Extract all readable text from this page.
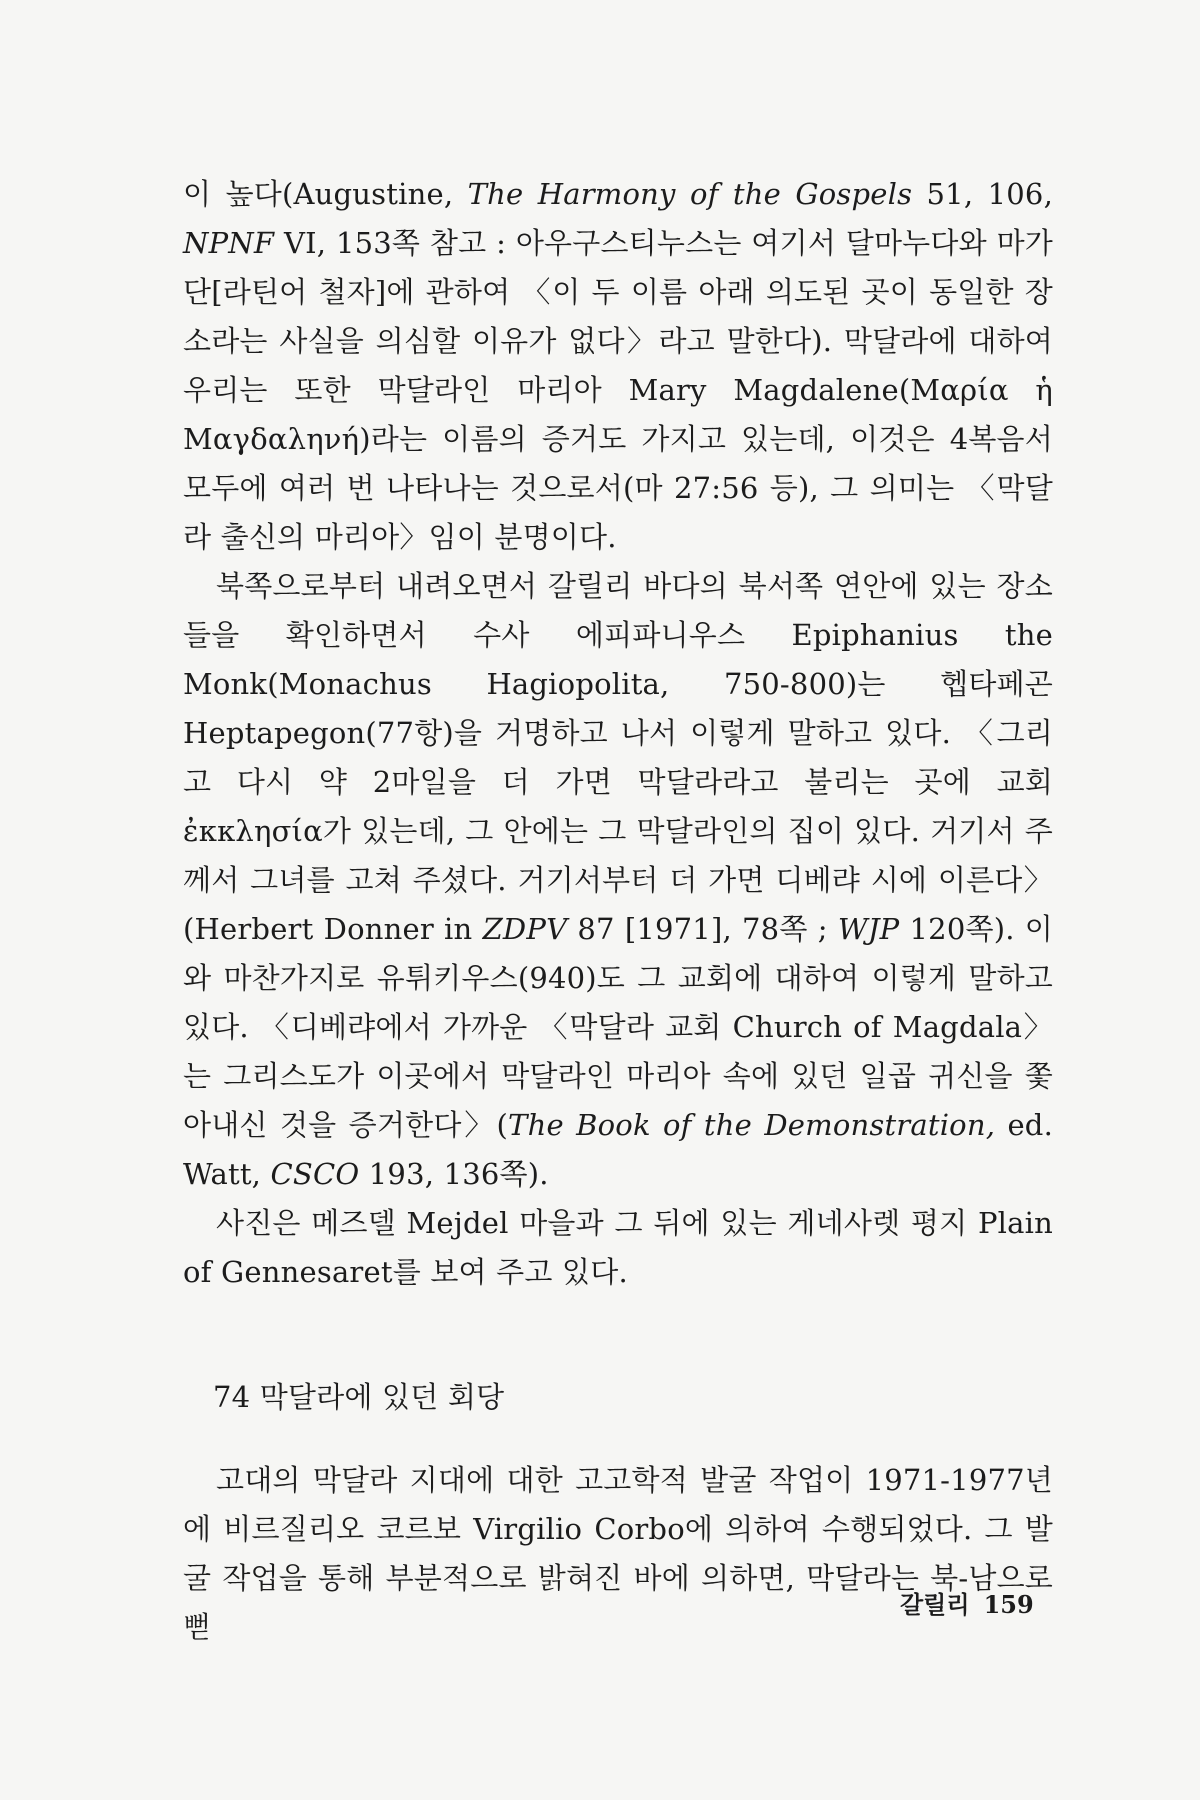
이 높다(Augustine, The Harmony of the Gospels 51, 106, NPNF VI, 153쪽 참고 : 아우구스티누스는 여기서 달마누다와 마가단[라틴어 철자]에 관하여 〈이 두 이름 아래 의도된 곳이 동일한 장소라는 사실을 의심할 이유가 없다〉라고 말한다). 막달라에 대하여 우리는 또한 막달라인 마리아 Mary Magdalene(Μαρία ἡ Μαγδαληνή)라는 이름의 증거도 가지고 있는데, 이것은 4복음서 모두에 여러 번 나타나는 것으로서(마 27:56 등), 그 의미는 〈막달라 출신의 마리아〉임이 분명이다.

북쪽으로부터 내려오면서 갈릴리 바다의 북서쪽 연안에 있는 장소들을 확인하면서 수사 에피파니우스 Epiphanius the Monk(Monachus Hagiopolita, 750-800)는 헵타페곤 Heptapegon(77항)을 거명하고 나서 이렇게 말하고 있다. 〈그리고 다시 약 2마일을 더 가면 막달라라고 불리는 곳에 교회 ἐκκλησία가 있는데, 그 안에는 그 막달라인의 집이 있다. 거기서 주께서 그녀를 고쳐 주셨다. 거기서부터 더 가면 디베랴 시에 이른다〉(Herbert Donner in ZDPV 87 [1971], 78쪽 ; WJP 120쪽). 이와 마찬가지로 유튀키우스(940)도 그 교회에 대하여 이렇게 말하고 있다. 〈디베랴에서 가까운 〈막달라 교회 Church of Magdala〉는 그리스도가 이곳에서 막달라인 마리아 속에 있던 일곱 귀신을 쫓아내신 것을 증거한다〉(The Book of the Demonstration, ed. Watt, CSCO 193, 136쪽).

사진은 메즈델 Mejdel 마을과 그 뒤에 있는 게네사렛 평지 Plain of Gennesaret를 보여 주고 있다.

74 막달라에 있던 회당

고대의 막달라 지대에 대한 고고학적 발굴 작업이 1971-1977년에 비르질리오 코르보 Virgilio Corbo에 의하여 수행되었다. 그 발굴 작업을 통해 부분적으로 밝혀진 바에 의하면, 막달라는 북-남으로 뻗

갈릴리 159
